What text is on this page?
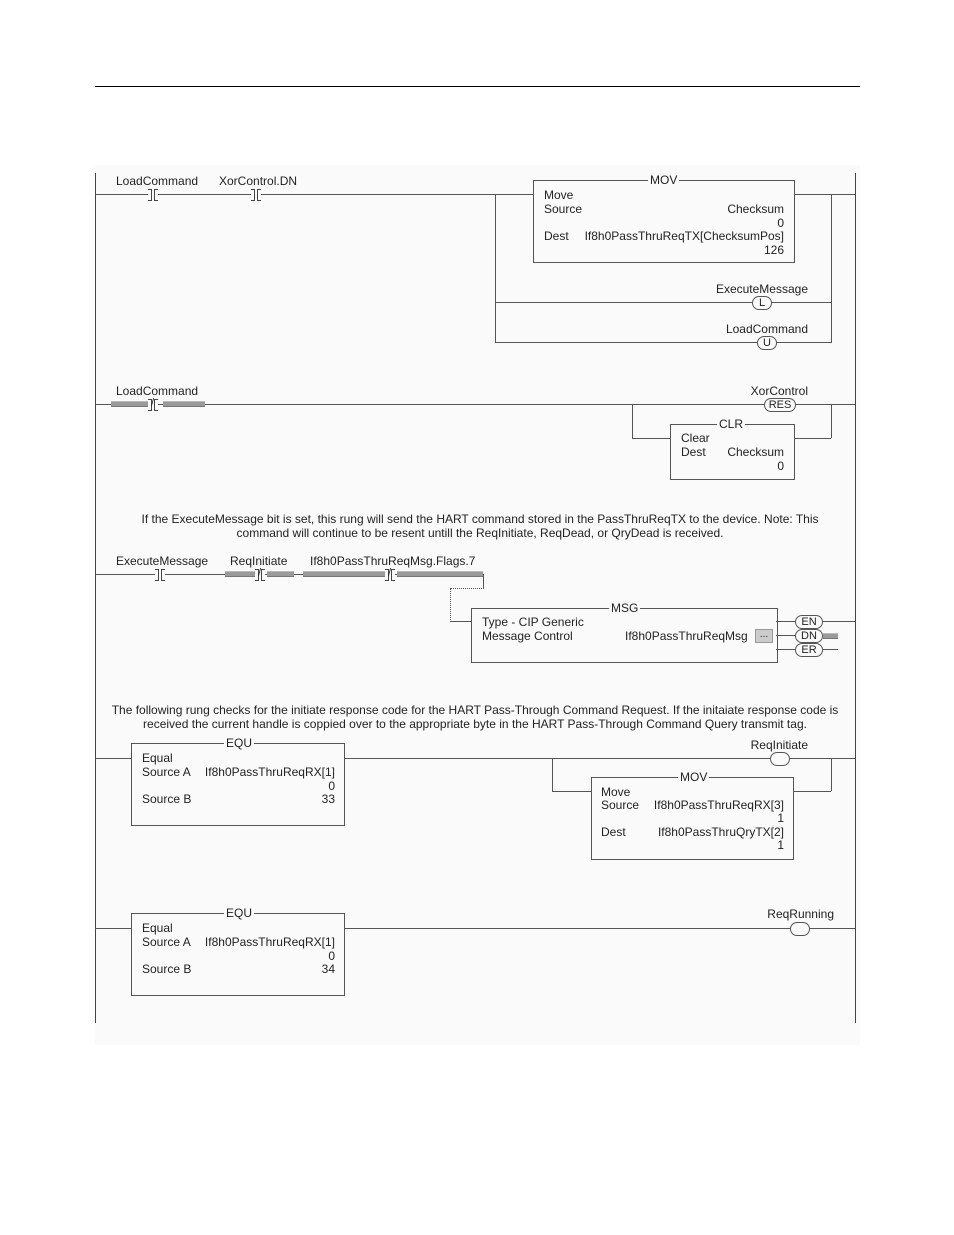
LoadCommand XorControl.DN	MOV
Move
Source	Checksum
0
Dest If8h0PassThruReqTX[ChecksumPos]
126
ExecuteMessage
L
LoadCommand
U
LoadCommand
/
XorControl
RES
CLR
Clear
Dest Checksum
0
If the ExecuteMessage bit is set, this rung will send the HART command stored in the PassThruReqTX to the device. Note: This command will continue to be resent untill the ReqInitiate, ReqDead, or QryDead is received.
ExecuteMessage ReqInitiate
/
If8h0PassThruReqMsg.Flags.7
/
MSG
Type - CIP Generic
Message Control	If8h0PassThruReqMsg	...
EN
DN
ER
The following rung checks for the initiate response code for the HART Pass-Through Command Request. If the initaiate response code is received the current handle is coppied over to the appropriate byte in the HART Pass-Through Command Query transmit tag.
EQU
Equal
Source A If8h0PassThruReqRX[1]
0
Source B	33
ReqInitiate
MOV
Move
Source If8h0PassThruReqRX[3]
1
Dest	If8h0PassThruQryTX[2]
1
EQU
Equal
Source A If8h0PassThruReqRX[1]
0
Source B	34
ReqRunning
